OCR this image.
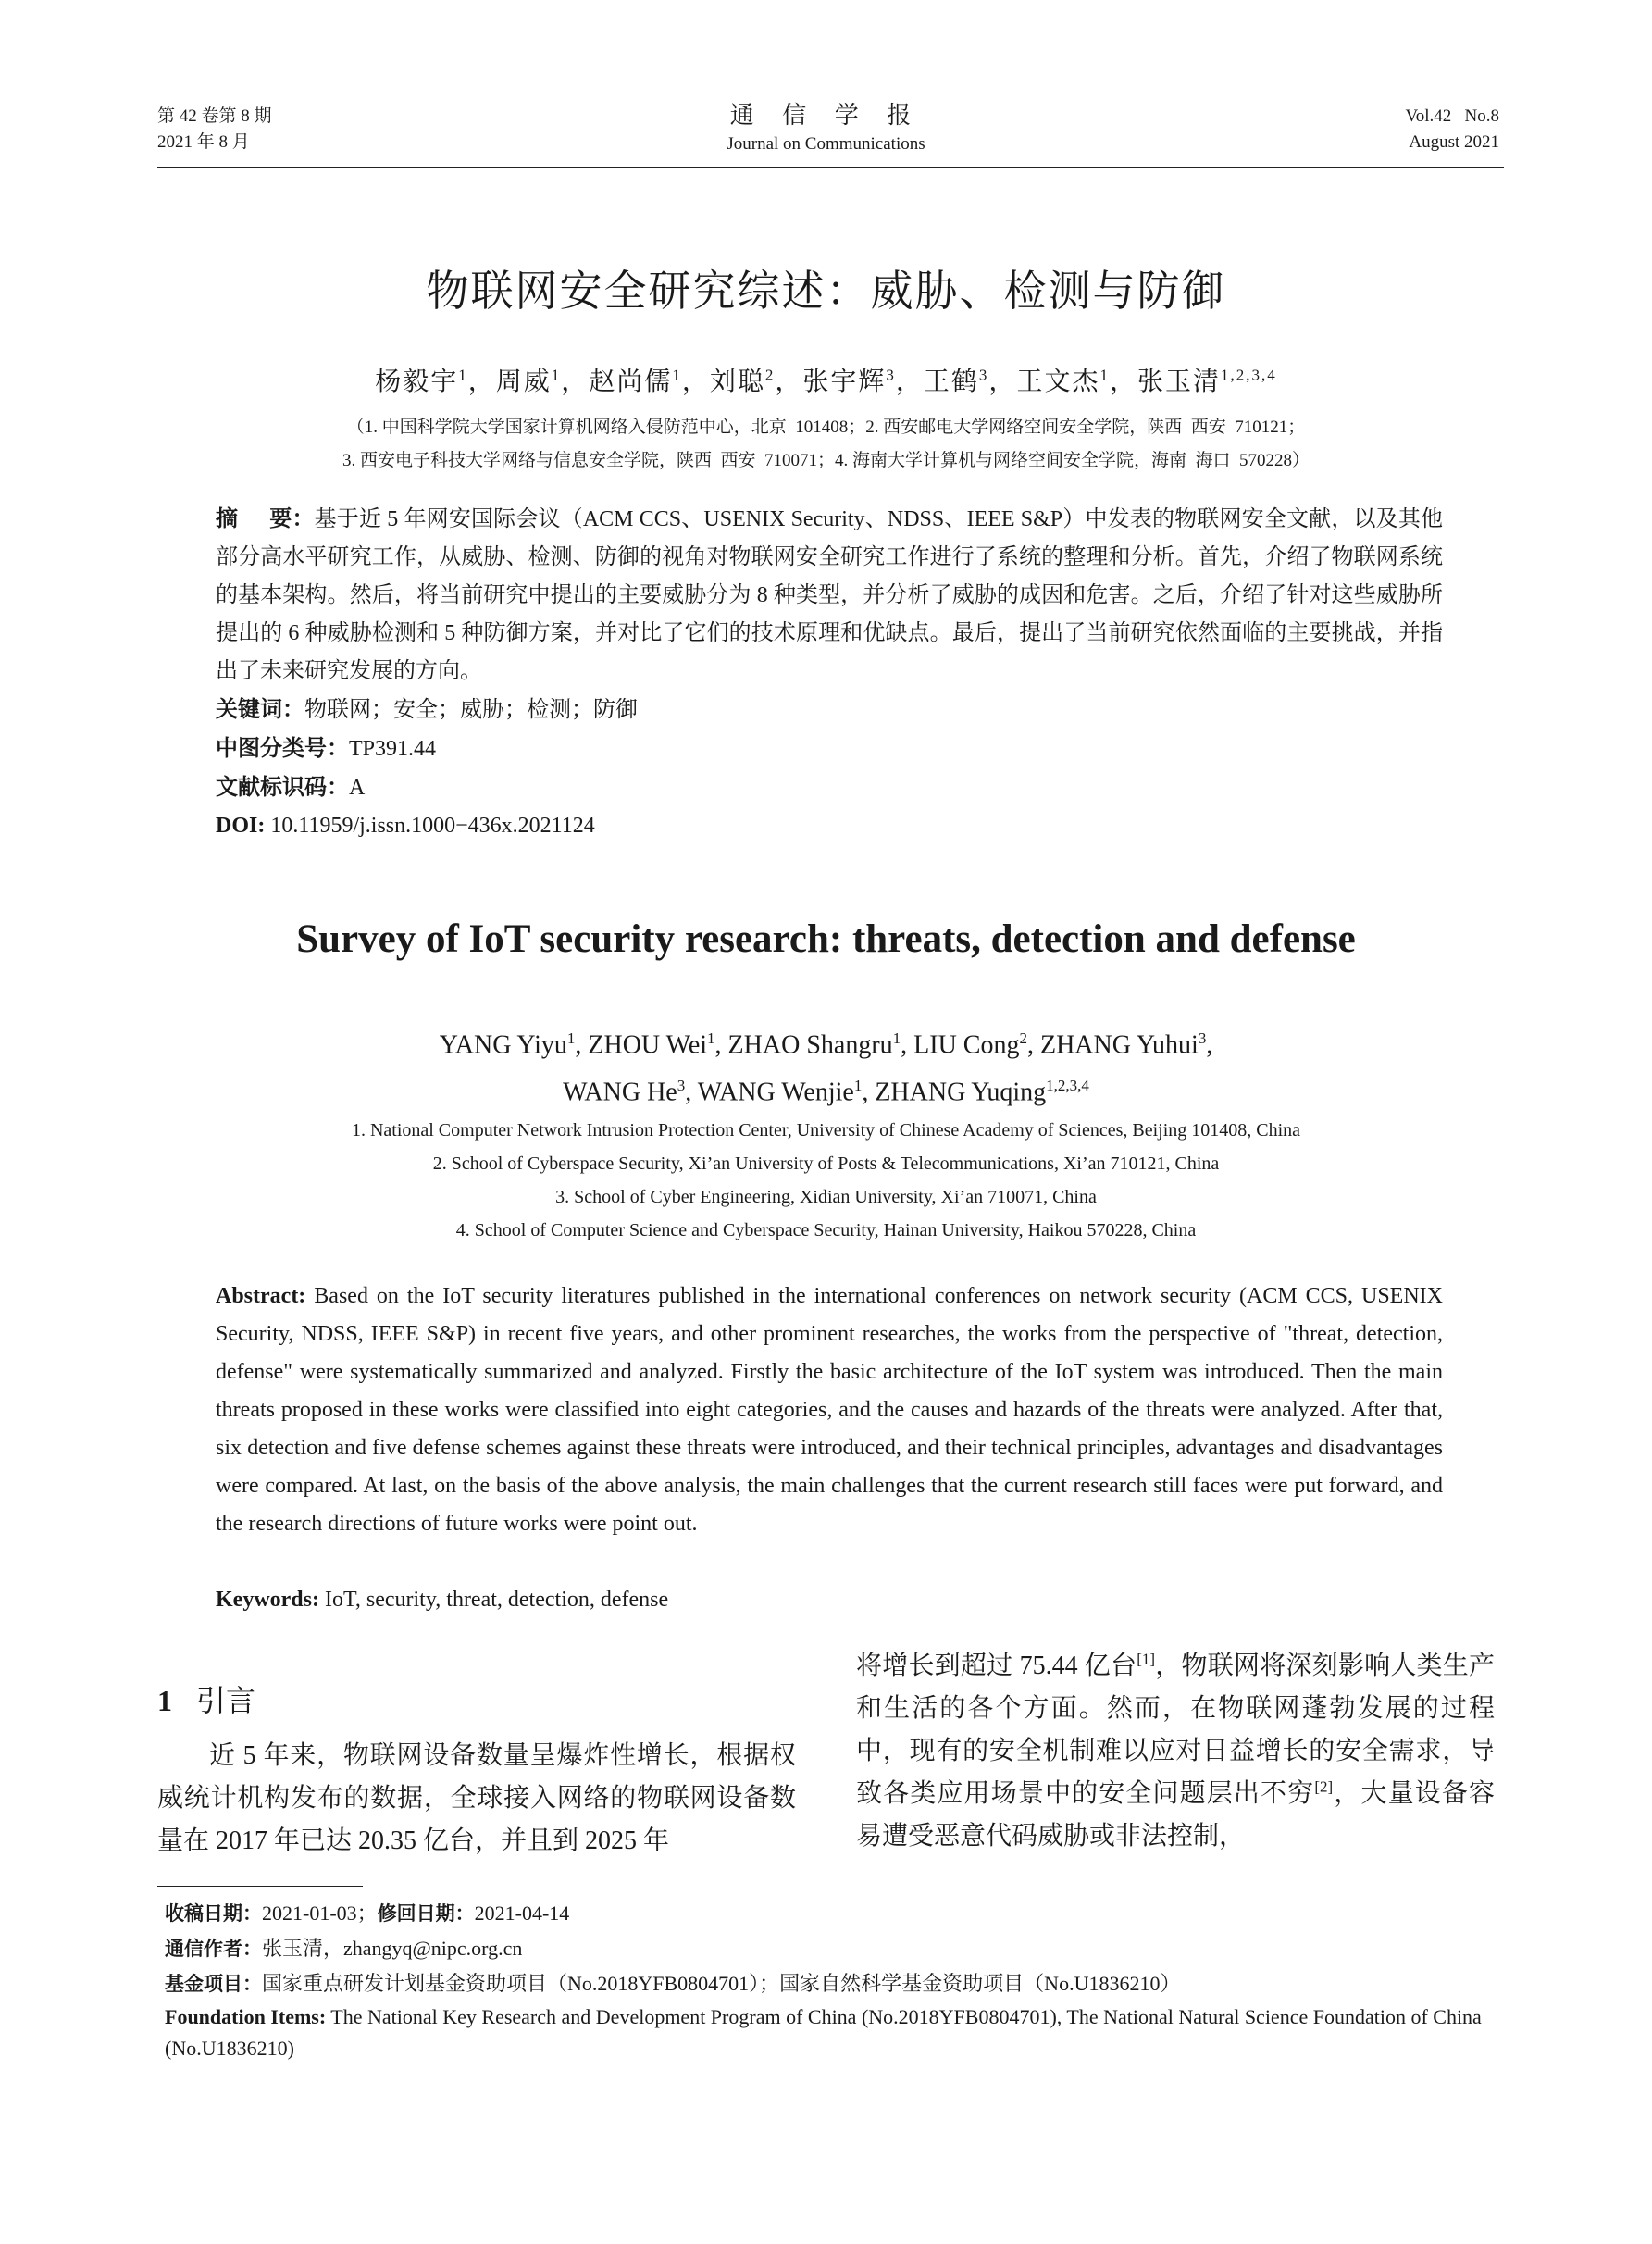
第 42 卷第 8 期
2021 年 8 月
通 信 学 报
Journal on Communications
Vol.42   No.8
August 2021
物联网安全研究综述：威胁、检测与防御
杨毅宇$^1$，周威$^1$，赵尚儒$^1$，刘聪$^2$，张宇辉$^3$，王鹤$^3$，王文杰$^1$，张玉清$^{1,2,3,4}$
（1. 中国科学院大学国家计算机网络入侵防范中心，北京  101408；2. 西安邮电大学网络空间安全学院，陕西  西安  710121；
3. 西安电子科技大学网络与信息安全学院，陕西  西安  710071；4. 海南大学计算机与网络空间安全学院，海南  海口  570228）
摘    要：基于近 5 年网安国际会议（ACM CCS、USENIX Security、NDSS、IEEE S&P）中发表的物联网安全文献，以及其他部分高水平研究工作，从威胁、检测、防御的视角对物联网安全研究工作进行了系统的整理和分析。首先，介绍了物联网系统的基本架构。然后，将当前研究中提出的主要威胁分为 8 种类型，并分析了威胁的成因和危害。之后，介绍了针对这些威胁所提出的 6 种威胁检测和 5 种防御方案，并对比了它们的技术原理和优缺点。最后，提出了当前研究依然面临的主要挑战，并指出了未来研究发展的方向。
关键词：物联网；安全；威胁；检测；防御
中图分类号：TP391.44
文献标识码：A
DOI: 10.11959/j.issn.1000−436x.2021124
Survey of IoT security research: threats, detection and defense
YANG Yiyu$^1$, ZHOU Wei$^1$, ZHAO Shangru$^1$, LIU Cong$^2$, ZHANG Yuhui$^3$,
WANG He$^3$, WANG Wenjie$^1$, ZHANG Yuqing$^{1,2,3,4}$
1. National Computer Network Intrusion Protection Center, University of Chinese Academy of Sciences, Beijing 101408, China
2. School of Cyberspace Security, Xi’an University of Posts & Telecommunications, Xi’an 710121, China
3. School of Cyber Engineering, Xidian University, Xi’an 710071, China
4. School of Computer Science and Cyberspace Security, Hainan University, Haikou 570228, China
Abstract: Based on the IoT security literatures published in the international conferences on network security (ACM CCS, USENIX Security, NDSS, IEEE S&P) in recent five years, and other prominent researches, the works from the perspective of "threat, detection, defense" were systematically summarized and analyzed. Firstly the basic architecture of the IoT system was introduced. Then the main threats proposed in these works were classified into eight categories, and the causes and hazards of the threats were analyzed. After that, six detection and five defense schemes against these threats were introduced, and their technical principles, advantages and disadvantages were compared. At last, on the basis of the above analysis, the main challenges that the current research still faces were put forward, and the research directions of future works were point out.
Keywords: IoT, security, threat, detection, defense
1 引言
近 5 年来，物联网设备数量呈爆炸性增长，根据权威统计机构发布的数据，全球接入网络的物联网设备数量在 2017 年已达 20.35 亿台，并且到 2025 年
将增长到超过 75.44 亿台[1]，物联网将深刻影响人类生产和生活的各个方面。然而，在物联网蓬勃发展的过程中，现有的安全机制难以应对日益增长的安全需求，导致各类应用场景中的安全问题层出不穷[2]，大量设备容易遭受恶意代码威胁或非法控制，

收稿日期：2021-01-03；修回日期：2021-04-14

通信作者：张玉清，zhangyq@nipc.org.cn

基金项目：国家重点研发计划基金资助项目（No.2018YFB0804701）；国家自然科学基金资助项目（No.U1836210）

Foundation Items: The National Key Research and Development Program of China (No.2018YFB0804701), The National Natural Science Foundation of China (No.U1836210)
